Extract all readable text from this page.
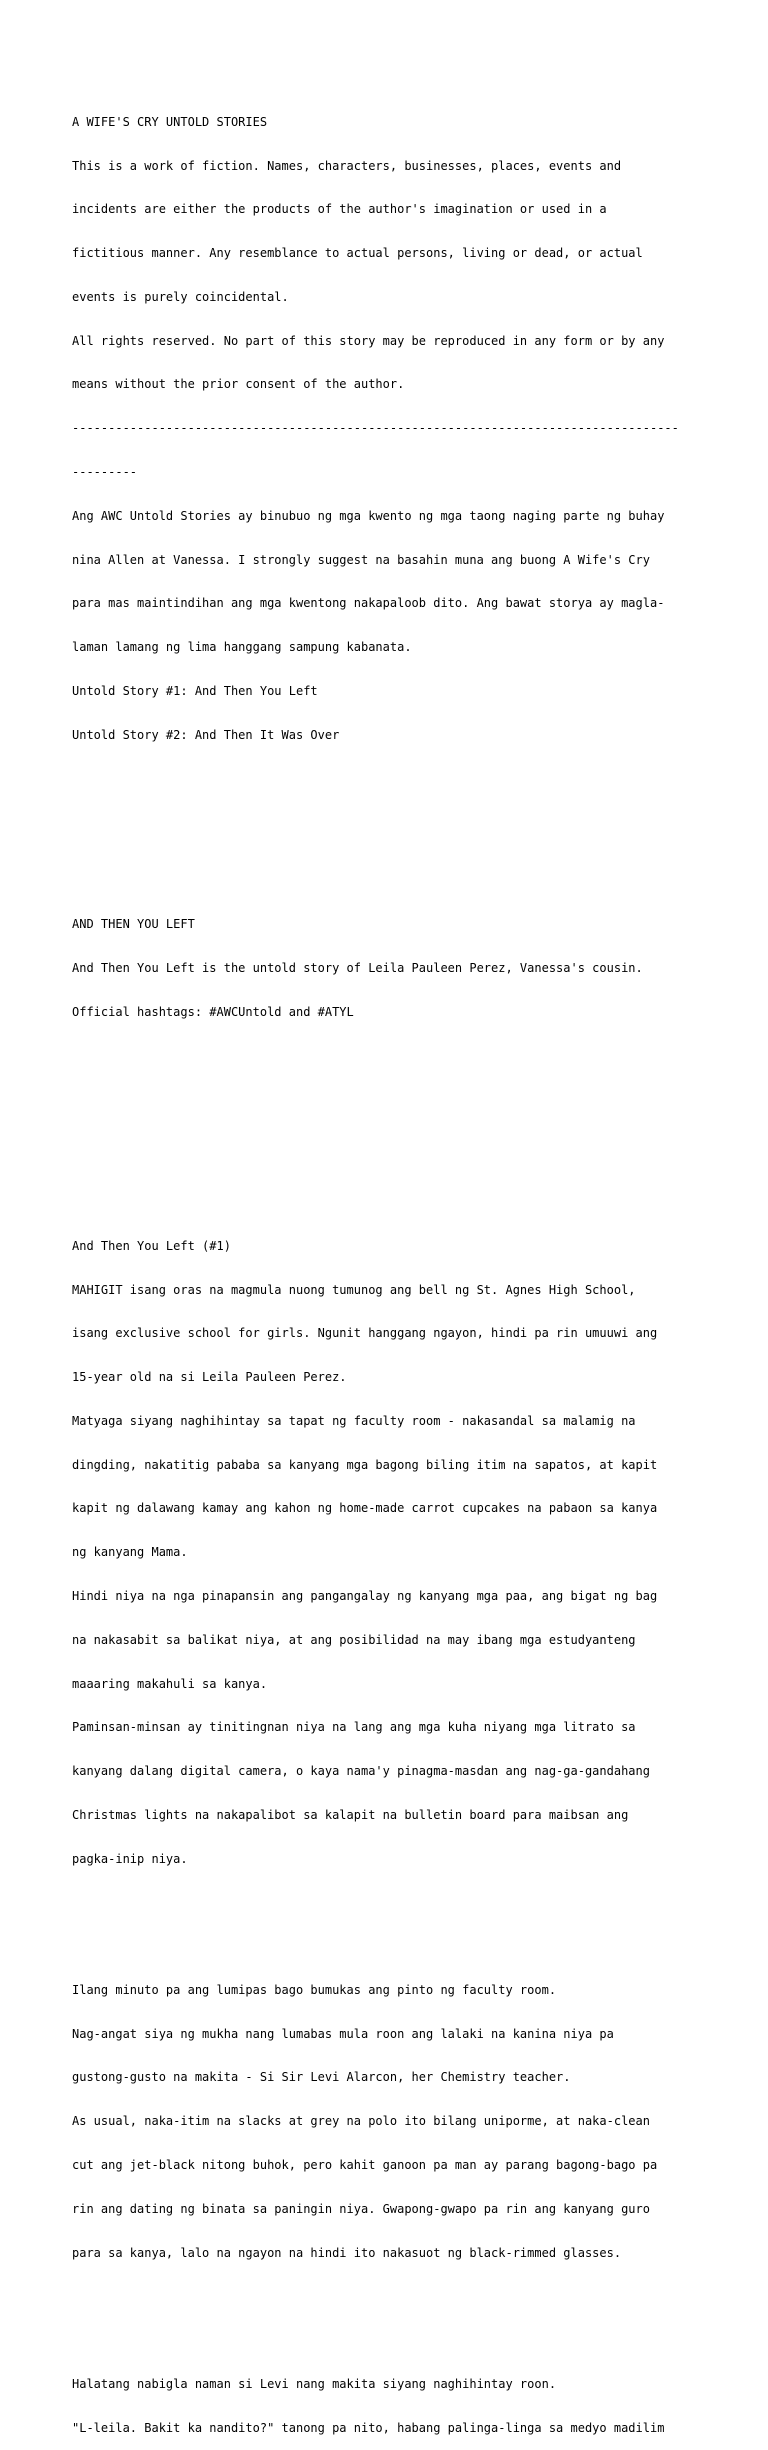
A WIFE'S CRY UNTOLD STORIES

This is a work of fiction. Names, characters, businesses, places, events and

incidents are either the products of the author's imagination or used in a

fictitious manner. Any resemblance to actual persons, living or dead, or actual

events is purely coincidental.

All rights reserved. No part of this story may be reproduced in any form or by any

means without the prior consent of the author.

------------------------------------------------------------------------------------

---------

Ang AWC Untold Stories ay binubuo ng mga kwento ng mga taong naging parte ng buhay

nina Allen at Vanessa. I strongly suggest na basahin muna ang buong A Wife's Cry

para mas maintindihan ang mga kwentong nakapaloob dito. Ang bawat storya ay magla-

laman lamang ng lima hanggang sampung kabanata.

Untold Story #1: And Then You Left

Untold Story #2: And Then It Was Over

AND THEN YOU LEFT

And Then You Left is the untold story of Leila Pauleen Perez, Vanessa's cousin.

Official hashtags: #AWCUntold and #ATYL

And Then You Left (#1)

MAHIGIT isang oras na magmula nuong tumunog ang bell ng St. Agnes High School,

isang exclusive school for girls. Ngunit hanggang ngayon, hindi pa rin umuuwi ang

15-year old na si Leila Pauleen Perez.

Matyaga siyang naghihintay sa tapat ng faculty room - nakasandal sa malamig na

dingding, nakatitig pababa sa kanyang mga bagong biling itim na sapatos, at kapit

kapit ng dalawang kamay ang kahon ng home-made carrot cupcakes na pabaon sa kanya

ng kanyang Mama.

Hindi niya na nga pinapansin ang pangangalay ng kanyang mga paa, ang bigat ng bag

na nakasabit sa balikat niya, at ang posibilidad na may ibang mga estudyanteng

maaaring makahuli sa kanya.

Paminsan-minsan ay tinitingnan niya na lang ang mga kuha niyang mga litrato sa

kanyang dalang digital camera, o kaya nama'y pinagma-masdan ang nag-ga-gandahang

Christmas lights na nakapalibot sa kalapit na bulletin board para maibsan ang

pagka-inip niya.

Ilang minuto pa ang lumipas bago bumukas ang pinto ng faculty room.

Nag-angat siya ng mukha nang lumabas mula roon ang lalaki na kanina niya pa

gustong-gusto na makita - Si Sir Levi Alarcon, her Chemistry teacher.

As usual, naka-itim na slacks at grey na polo ito bilang uniporme, at naka-clean

cut ang jet-black nitong buhok, pero kahit ganoon pa man ay parang bagong-bago pa

rin ang dating ng binata sa paningin niya. Gwapong-gwapo pa rin ang kanyang guro

para sa kanya, lalo na ngayon na hindi ito nakasuot ng black-rimmed glasses.

Halatang nabigla naman si Levi nang makita siyang naghihintay roon.

"L-leila. Bakit ka nandito?" tanong pa nito, habang palinga-linga sa medyo madilim
